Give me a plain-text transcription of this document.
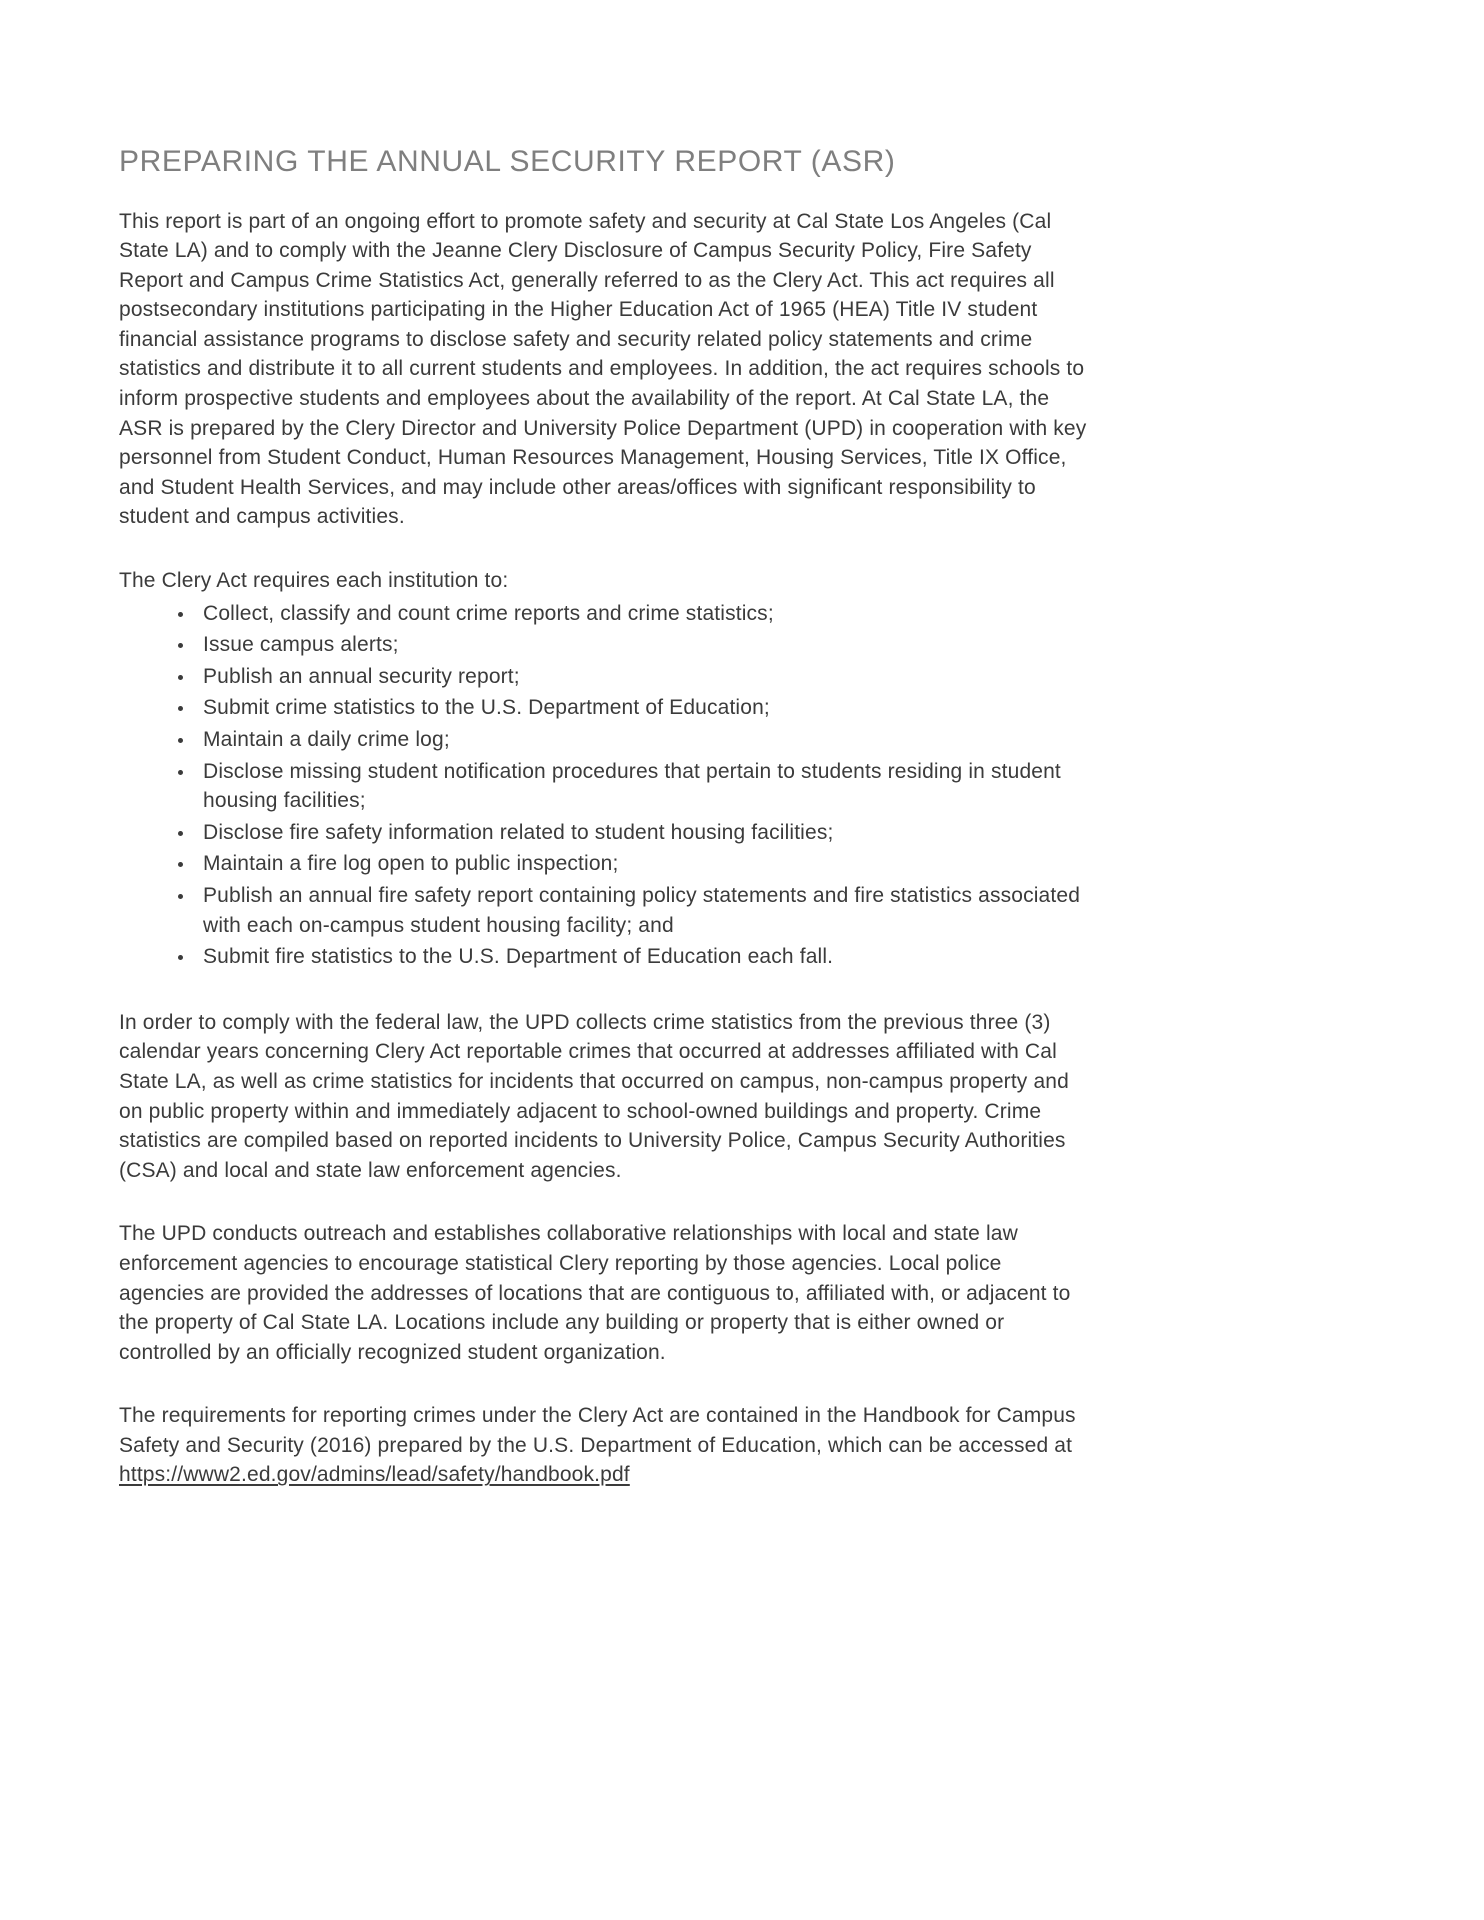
PREPARING THE ANNUAL SECURITY REPORT (ASR)

This report is part of an ongoing effort to promote safety and security at Cal State Los Angeles (Cal State LA) and to comply with the Jeanne Clery Disclosure of Campus Security Policy, Fire Safety Report and Campus Crime Statistics Act, generally referred to as the Clery Act. This act requires all postsecondary institutions participating in the Higher Education Act of 1965 (HEA) Title IV student financial assistance programs to disclose safety and security related policy statements and crime statistics and distribute it to all current students and employees. In addition, the act requires schools to inform prospective students and employees about the availability of the report. At Cal State LA, the ASR is prepared by the Clery Director and University Police Department (UPD) in cooperation with key personnel from Student Conduct, Human Resources Management, Housing Services, Title IX Office, and Student Health Services, and may include other areas/offices with significant responsibility to student and campus activities.

The Clery Act requires each institution to:

• Collect, classify and count crime reports and crime statistics;
• Issue campus alerts;
• Publish an annual security report;
• Submit crime statistics to the U.S. Department of Education;
• Maintain a daily crime log;
• Disclose missing student notification procedures that pertain to students residing in student housing facilities;
• Disclose fire safety information related to student housing facilities;
• Maintain a fire log open to public inspection;
• Publish an annual fire safety report containing policy statements and fire statistics associated with each on-campus student housing facility; and
• Submit fire statistics to the U.S. Department of Education each fall.

In order to comply with the federal law, the UPD collects crime statistics from the previous three (3) calendar years concerning Clery Act reportable crimes that occurred at addresses affiliated with Cal State LA, as well as crime statistics for incidents that occurred on campus, non-campus property and on public property within and immediately adjacent to school-owned buildings and property. Crime statistics are compiled based on reported incidents to University Police, Campus Security Authorities (CSA) and local and state law enforcement agencies.

The UPD conducts outreach and establishes collaborative relationships with local and state law enforcement agencies to encourage statistical Clery reporting by those agencies. Local police agencies are provided the addresses of locations that are contiguous to, affiliated with, or adjacent to the property of Cal State LA. Locations include any building or property that is either owned or controlled by an officially recognized student organization.

The requirements for reporting crimes under the Clery Act are contained in the Handbook for Campus Safety and Security (2016) prepared by the U.S. Department of Education, which can be accessed at https://www2.ed.gov/admins/lead/safety/handbook.pdf
